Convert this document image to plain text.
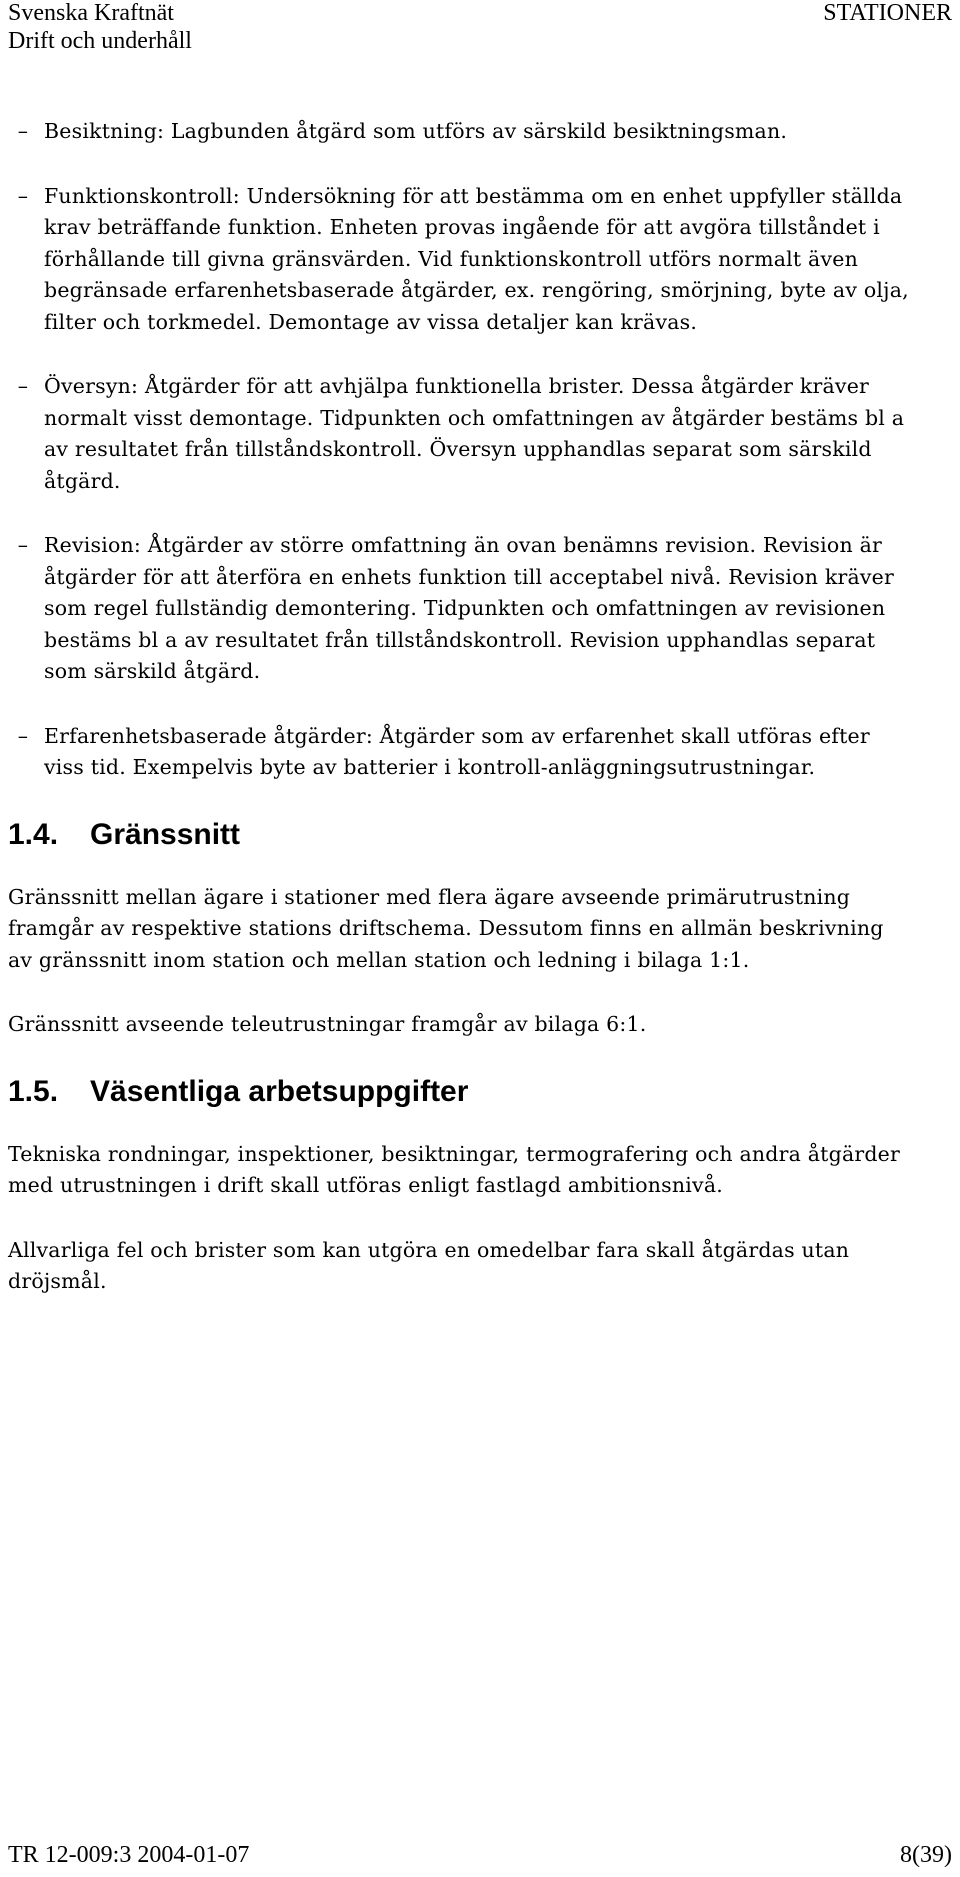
Svenska Kraftnät	STATIONER
Drift och underhåll
– Besiktning: Lagbunden åtgärd som utförs av särskild besiktningsman.
– Funktionskontroll: Undersökning för att bestämma om en enhet uppfyller ställda krav beträffande funktion. Enheten provas ingående för att avgöra tillståndet i förhållande till givna gränsvärden. Vid funktionskontroll utförs normalt även begränsade erfarenhetsbaserade åtgärder, ex. rengöring, smörjning, byte av olja, filter och torkmedel. Demontage av vissa detaljer kan krävas.
– Översyn: Åtgärder för att avhjälpa funktionella brister. Dessa åtgärder kräver normalt visst demontage. Tidpunkten och omfattningen av åtgärder bestäms bl a av resultatet från tillståndskontroll. Översyn upphandlas separat som särskild åtgärd.
– Revision: Åtgärder av större omfattning än ovan benämns revision. Revision är åtgärder för att återföra en enhets funktion till acceptabel nivå. Revision kräver som regel fullständig demontering. Tidpunkten och omfattningen av revisionen bestäms bl a av resultatet från tillståndskontroll. Revision upphandlas separat som särskild åtgärd.
– Erfarenhetsbaserade åtgärder: Åtgärder som av erfarenhet skall utföras efter viss tid. Exempelvis byte av batterier i kontroll-anläggningsutrustningar.
1.4. Gränssnitt

Gränssnitt mellan ägare i stationer med flera ägare avseende primärutrustning framgår av respektive stations driftschema. Dessutom finns en allmän beskrivning av gränssnitt inom station och mellan station och ledning i bilaga 1:1.

Gränssnitt avseende teleutrustningar framgår av bilaga 6:1.

1.5. Väsentliga arbetsuppgifter

Tekniska rondningar, inspektioner, besiktningar, termografering och andra åtgärder med utrustningen i drift skall utföras enligt fastlagd ambitionsnivå.

Allvarliga fel och brister som kan utgöra en omedelbar fara skall åtgärdas utan dröjsmål.

TR 12-009:3 2004-01-07	8(39)
